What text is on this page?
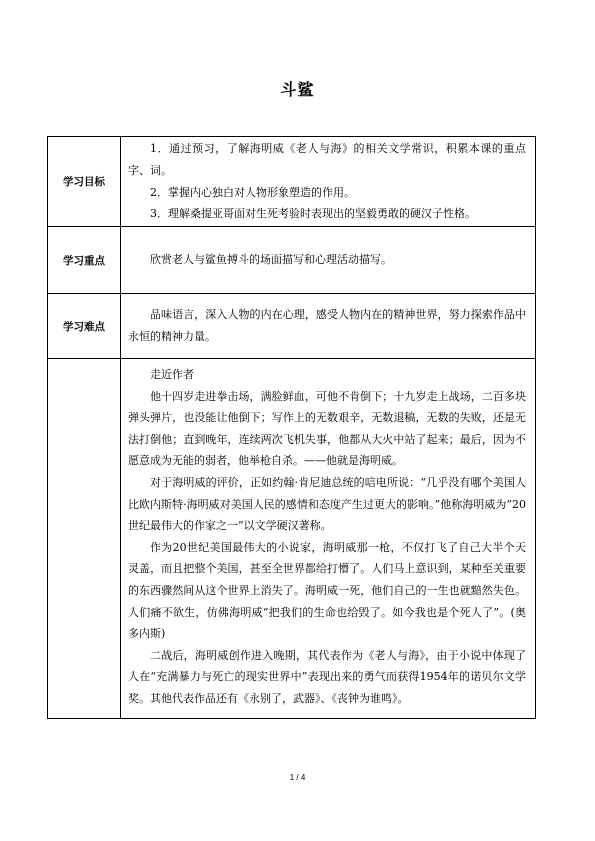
斗鲨
学习目标	1．通过预习，了解海明威《老人与海》的相关文学常识，积累本课的重点字、词。

2．掌握内心独白对人物形象塑造的作用。

3．理解桑提亚哥面对生死考验时表现出的坚毅勇敢的硬汉子性格。

学习重点	欣赏老人与鲨鱼搏斗的场面描写和心理活动描写。

学习难点	品味语言，深入人物的内在心理，感受人物内在的精神世界，努力探索作品中永恒的精神力量。

	走近作者

他十四岁走进拳击场，满脸鲜血，可他不肯倒下；十九岁走上战场，二百多块弹头弹片，也没能让他倒下；写作上的无数艰辛，无数退稿，无数的失败，还是无法打倒他；直到晚年，连续两次飞机失事，他都从大火中站了起来；最后，因为不愿意成为无能的弱者，他举枪自杀。——他就是海明威。

对于海明威的评价，正如约翰·肯尼迪总统的唁电所说：“几乎没有哪个美国人比欧内斯特·海明威对美国人民的感情和态度产生过更大的影响。”他称海明威为“20世纪最伟大的作家之一”以文学硬汉著称。

作为20世纪美国最伟大的小说家，海明威那一枪，不仅打飞了自己大半个天灵盖，而且把整个美国，甚至全世界都给打懵了。人们马上意识到，某种至关重要的东西骤然间从这个世界上消失了。海明威一死，他们自己的一生也就黯然失色。人们痛不欲生，仿佛海明威“把我们的生命也给毁了。如今我也是个死人了”。(奥多内斯)

二战后，海明威创作进入晚期，其代表作为《老人与海》，由于小说中体现了人在“充满暴力与死亡的现实世界中”表现出来的勇气而获得1954年的诺贝尔文学奖。其他代表作品还有《永别了，武器》、《丧钟为谁鸣》。

1 / 4
